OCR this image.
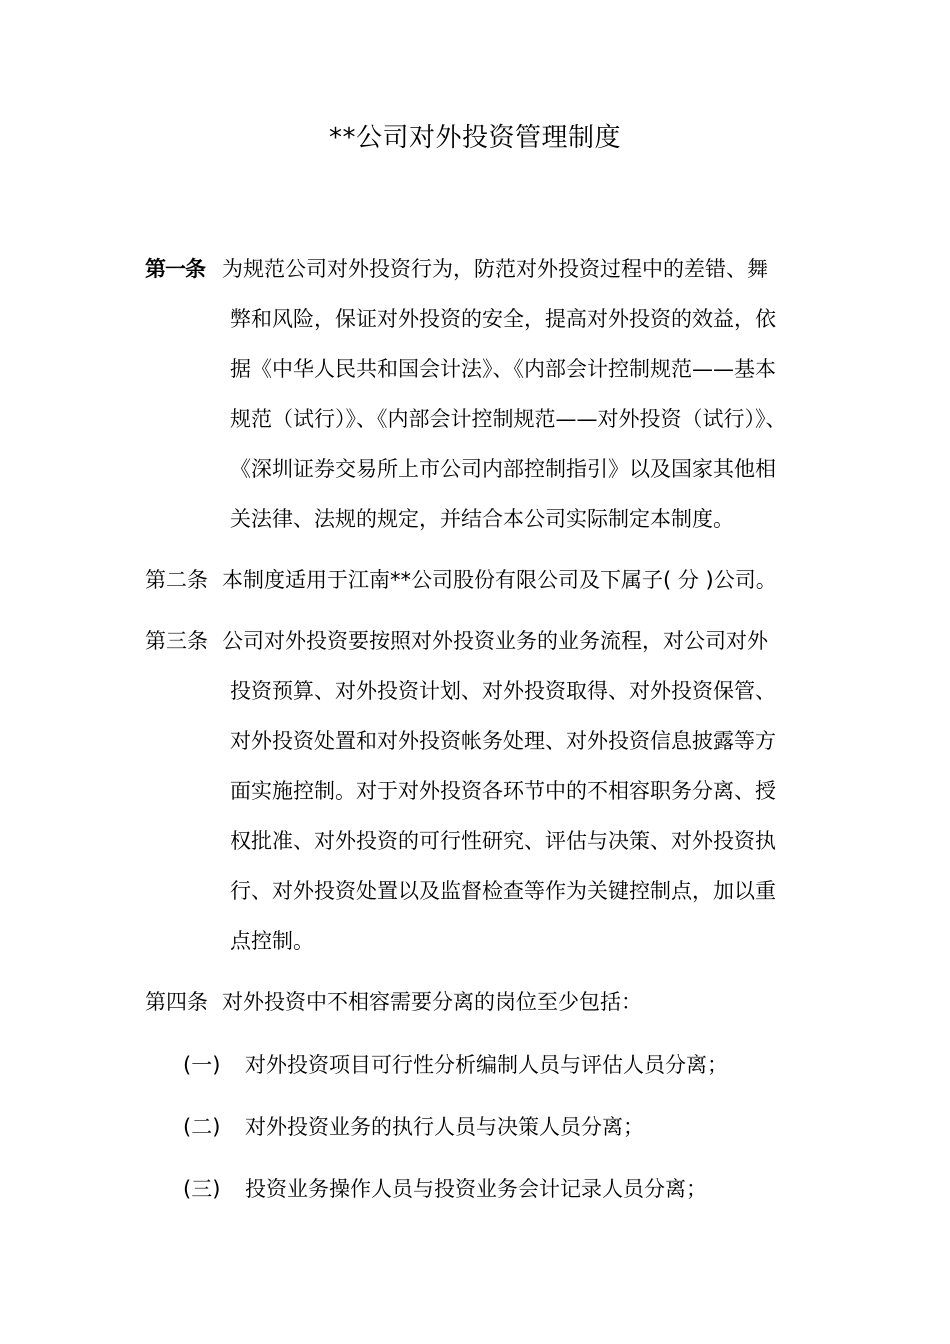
**公司对外投资管理制度
第一条 为规范公司对外投资行为，防范对外投资过程中的差错、舞
弊和风险，保证对外投资的安全，提高对外投资的效益，依
据《中华人民共和国会计法》、《内部会计控制规范——基本
规范（试行）》、《内部会计控制规范——对外投资（试行）》、
《深圳证券交易所上市公司内部控制指引》以及国家其他相
关法律、法规的规定，并结合本公司实际制定本制度。
第二条 本制度适用于江南**公司股份有限公司及下属子( 分 )公司。
第三条 公司对外投资要按照对外投资业务的业务流程，对公司对外
投资预算、对外投资计划、对外投资取得、对外投资保管、
对外投资处置和对外投资帐务处理、对外投资信息披露等方
面实施控制。对于对外投资各环节中的不相容职务分离、授
权批准、对外投资的可行性研究、评估与决策、对外投资执
行、对外投资处置以及监督检查等作为关键控制点，加以重
点控制。
第四条 对外投资中不相容需要分离的岗位至少包括：
(一) 对外投资项目可行性分析编制人员与评估人员分离；
(二) 对外投资业务的执行人员与决策人员分离；
(三) 投资业务操作人员与投资业务会计记录人员分离；
